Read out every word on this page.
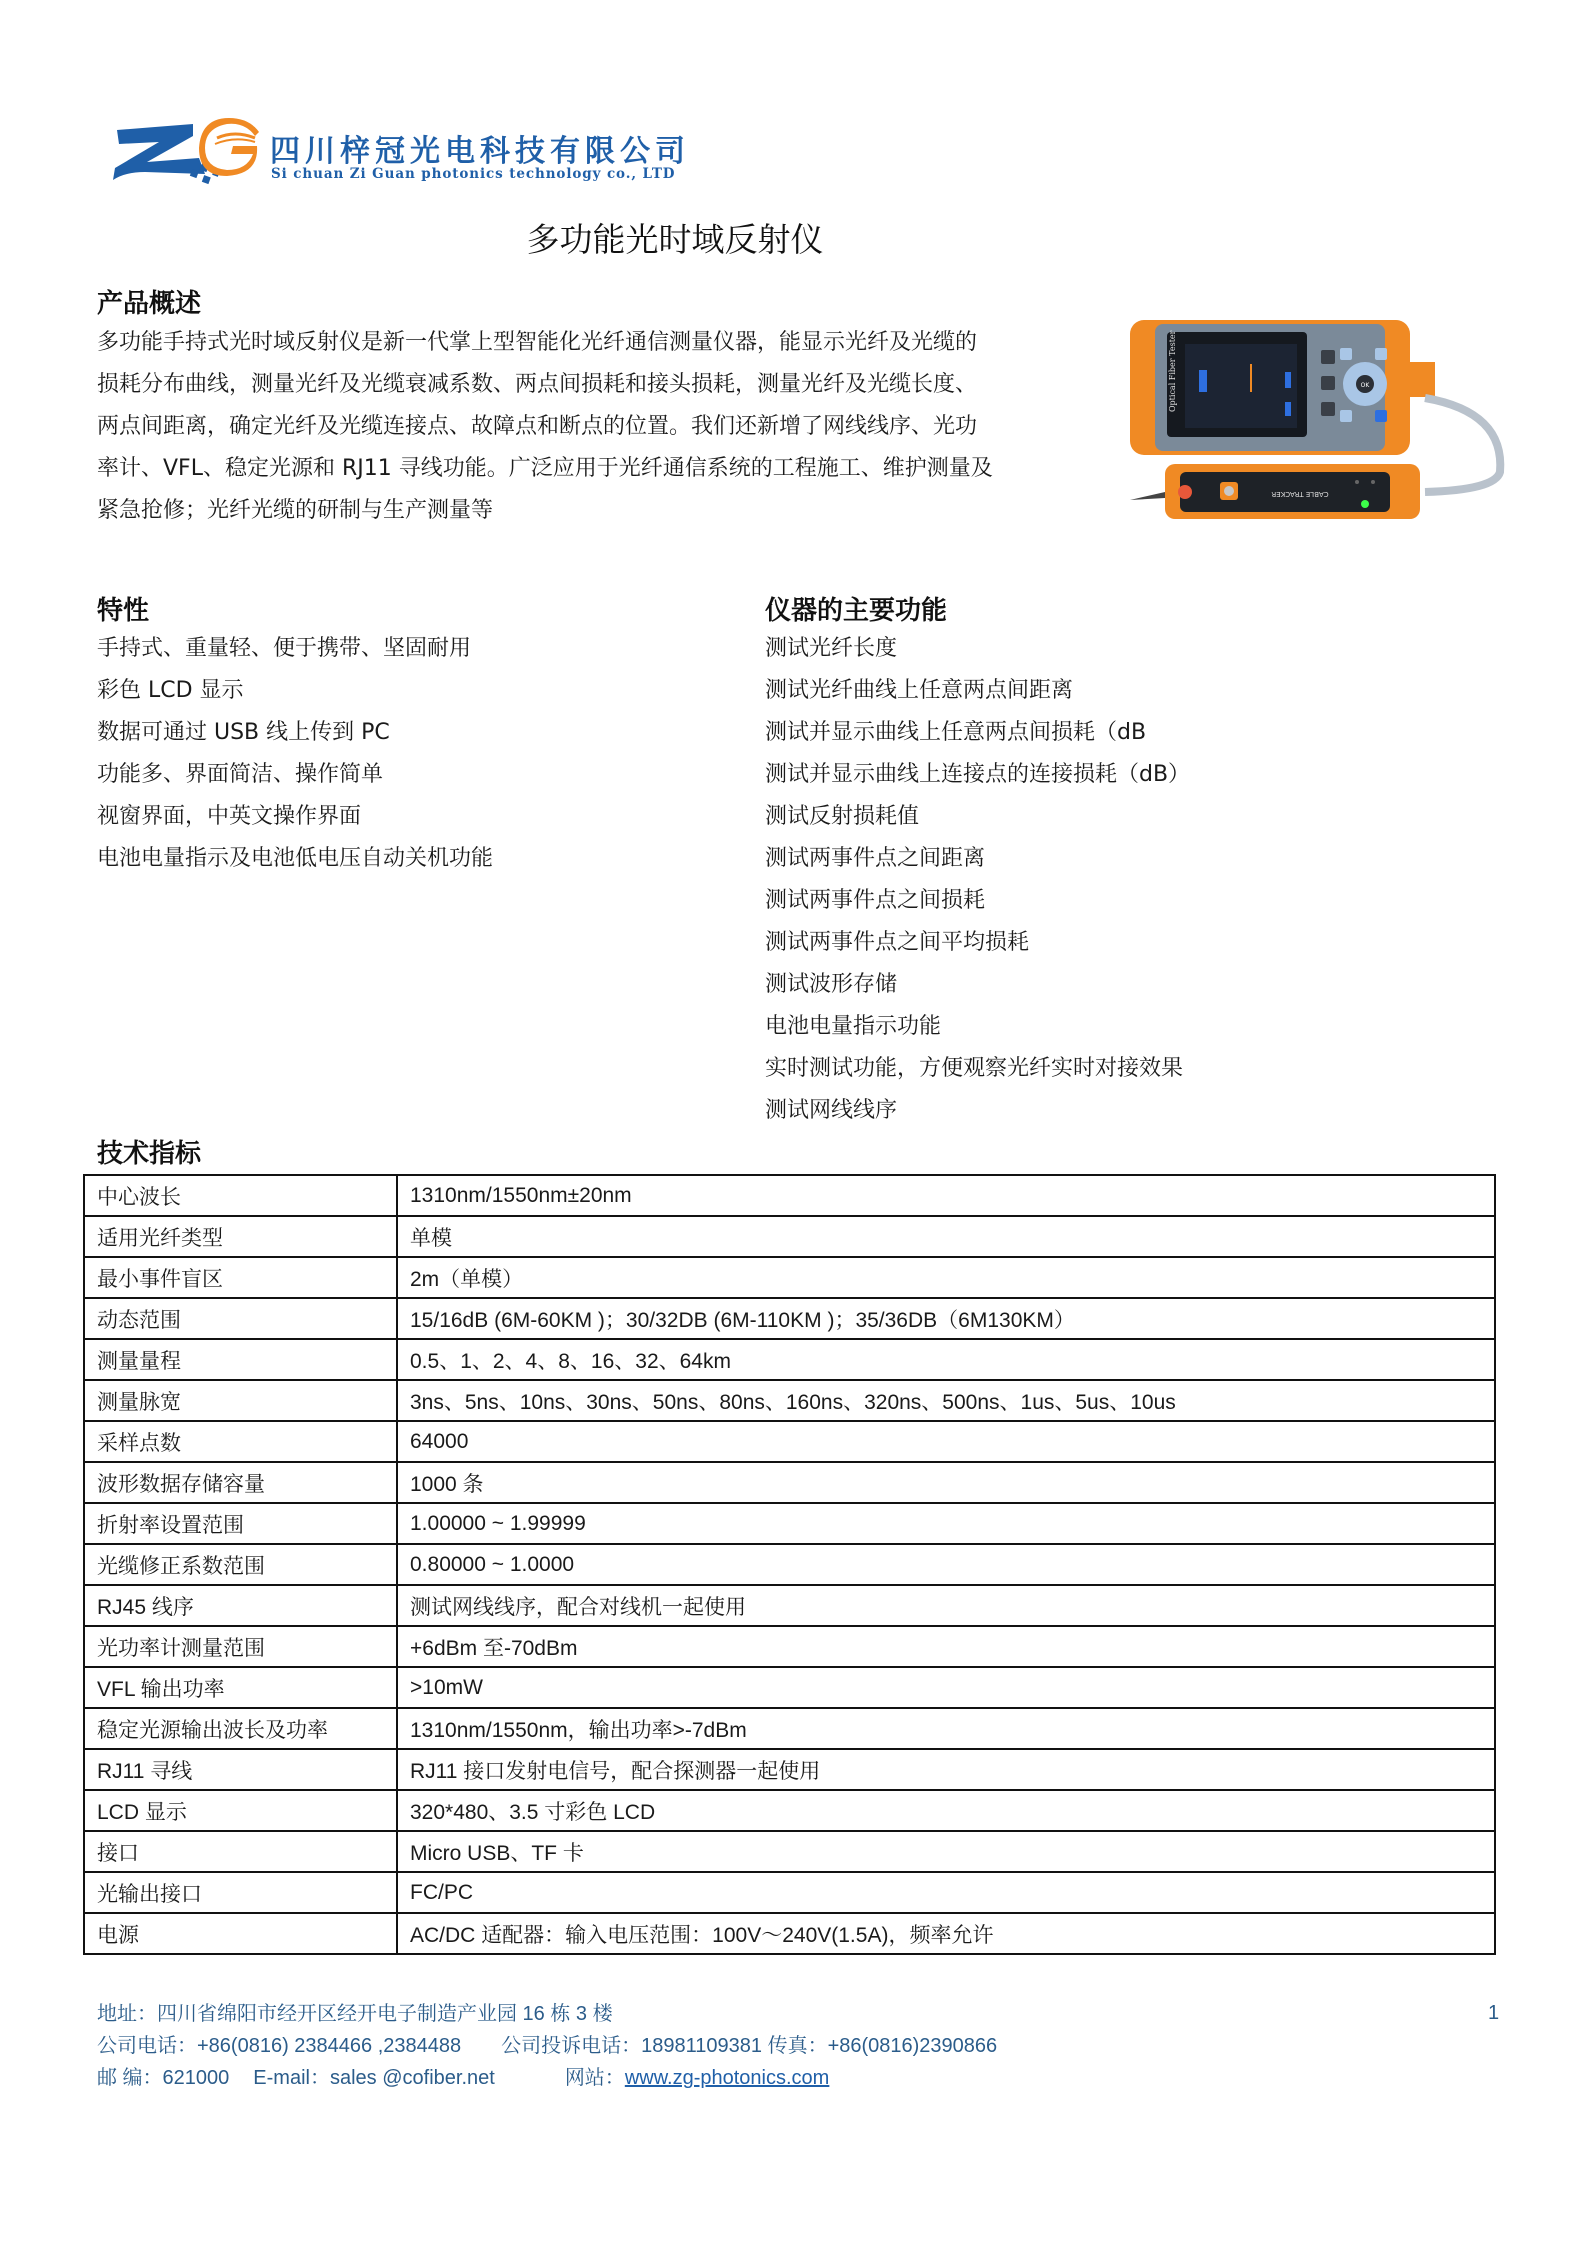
四川梓冠光电科技有限公司
Si chuan Zi Guan photonics technology co., LTD
多功能光时域反射仪
产品概述
多功能手持式光时域反射仪是新一代掌上型智能化光纤通信测量仪器，能显示光纤及光缆的
损耗分布曲线，测量光纤及光缆衰减系数、两点间损耗和接头损耗，测量光纤及光缆长度、
两点间距离，确定光纤及光缆连接点、故障点和断点的位置。我们还新增了网线线序、光功
率计、VFL、稳定光源和 RJ11 寻线功能。广泛应用于光纤通信系统的工程施工、维护测量及
紧急抢修；光纤光缆的研制与生产测量等
Optical Fiber Tester	OK
CABLE TRACKER
特性
手持式、重量轻、便于携带、坚固耐用
彩色 LCD 显示
数据可通过 USB 线上传到 PC
功能多、界面简洁、操作简单
视窗界面，中英文操作界面
电池电量指示及电池低电压自动关机功能
仪器的主要功能
测试光纤长度
测试光纤曲线上任意两点间距离
测试并显示曲线上任意两点间损耗（dB
测试并显示曲线上连接点的连接损耗（dB）
测试反射损耗值
测试两事件点之间距离
测试两事件点之间损耗
测试两事件点之间平均损耗
测试波形存储
电池电量指示功能
实时测试功能，方便观察光纤实时对接效果
测试网线线序
技术指标
中心波长	1310nm/1550nm±20nm
适用光纤类型	单模
最小事件盲区	2m（单模）
动态范围	15/16dB (6M-60KM )；30/32DB (6M-110KM )；35/36DB（6M130KM）
测量量程	0.5、1、2、4、8、16、32、64km
测量脉宽	3ns、5ns、10ns、30ns、50ns、80ns、160ns、320ns、500ns、1us、5us、10us
采样点数	64000
波形数据存储容量	1000 条
折射率设置范围	1.00000 ~ 1.99999
光缆修正系数范围	0.80000 ~ 1.0000
RJ45 线序	测试网线线序，配合对线机一起使用
光功率计测量范围	+6dBm 至-70dBm
VFL 输出功率	>10mW
稳定光源输出波长及功率	1310nm/1550nm，输出功率>-7dBm
RJ11 寻线	RJ11 接口发射电信号，配合探测器一起使用
LCD 显示	320*480、3.5 寸彩色 LCD
接口	Micro USB、TF 卡
光输出接口	FC/PC
电源	AC/DC 适配器：输入电压范围：100V～240V(1.5A)，频率允许
地址：四川省绵阳市经开区经开电子制造产业园 16 栋 3 楼
公司电话：+86(0816) 2384466 ,2384488 公司投诉电话：18981109381 传真：+86(0816)2390866
邮 编：621000 E-mail：sales @cofiber.net	网站：www.zg-photonics.com
1
